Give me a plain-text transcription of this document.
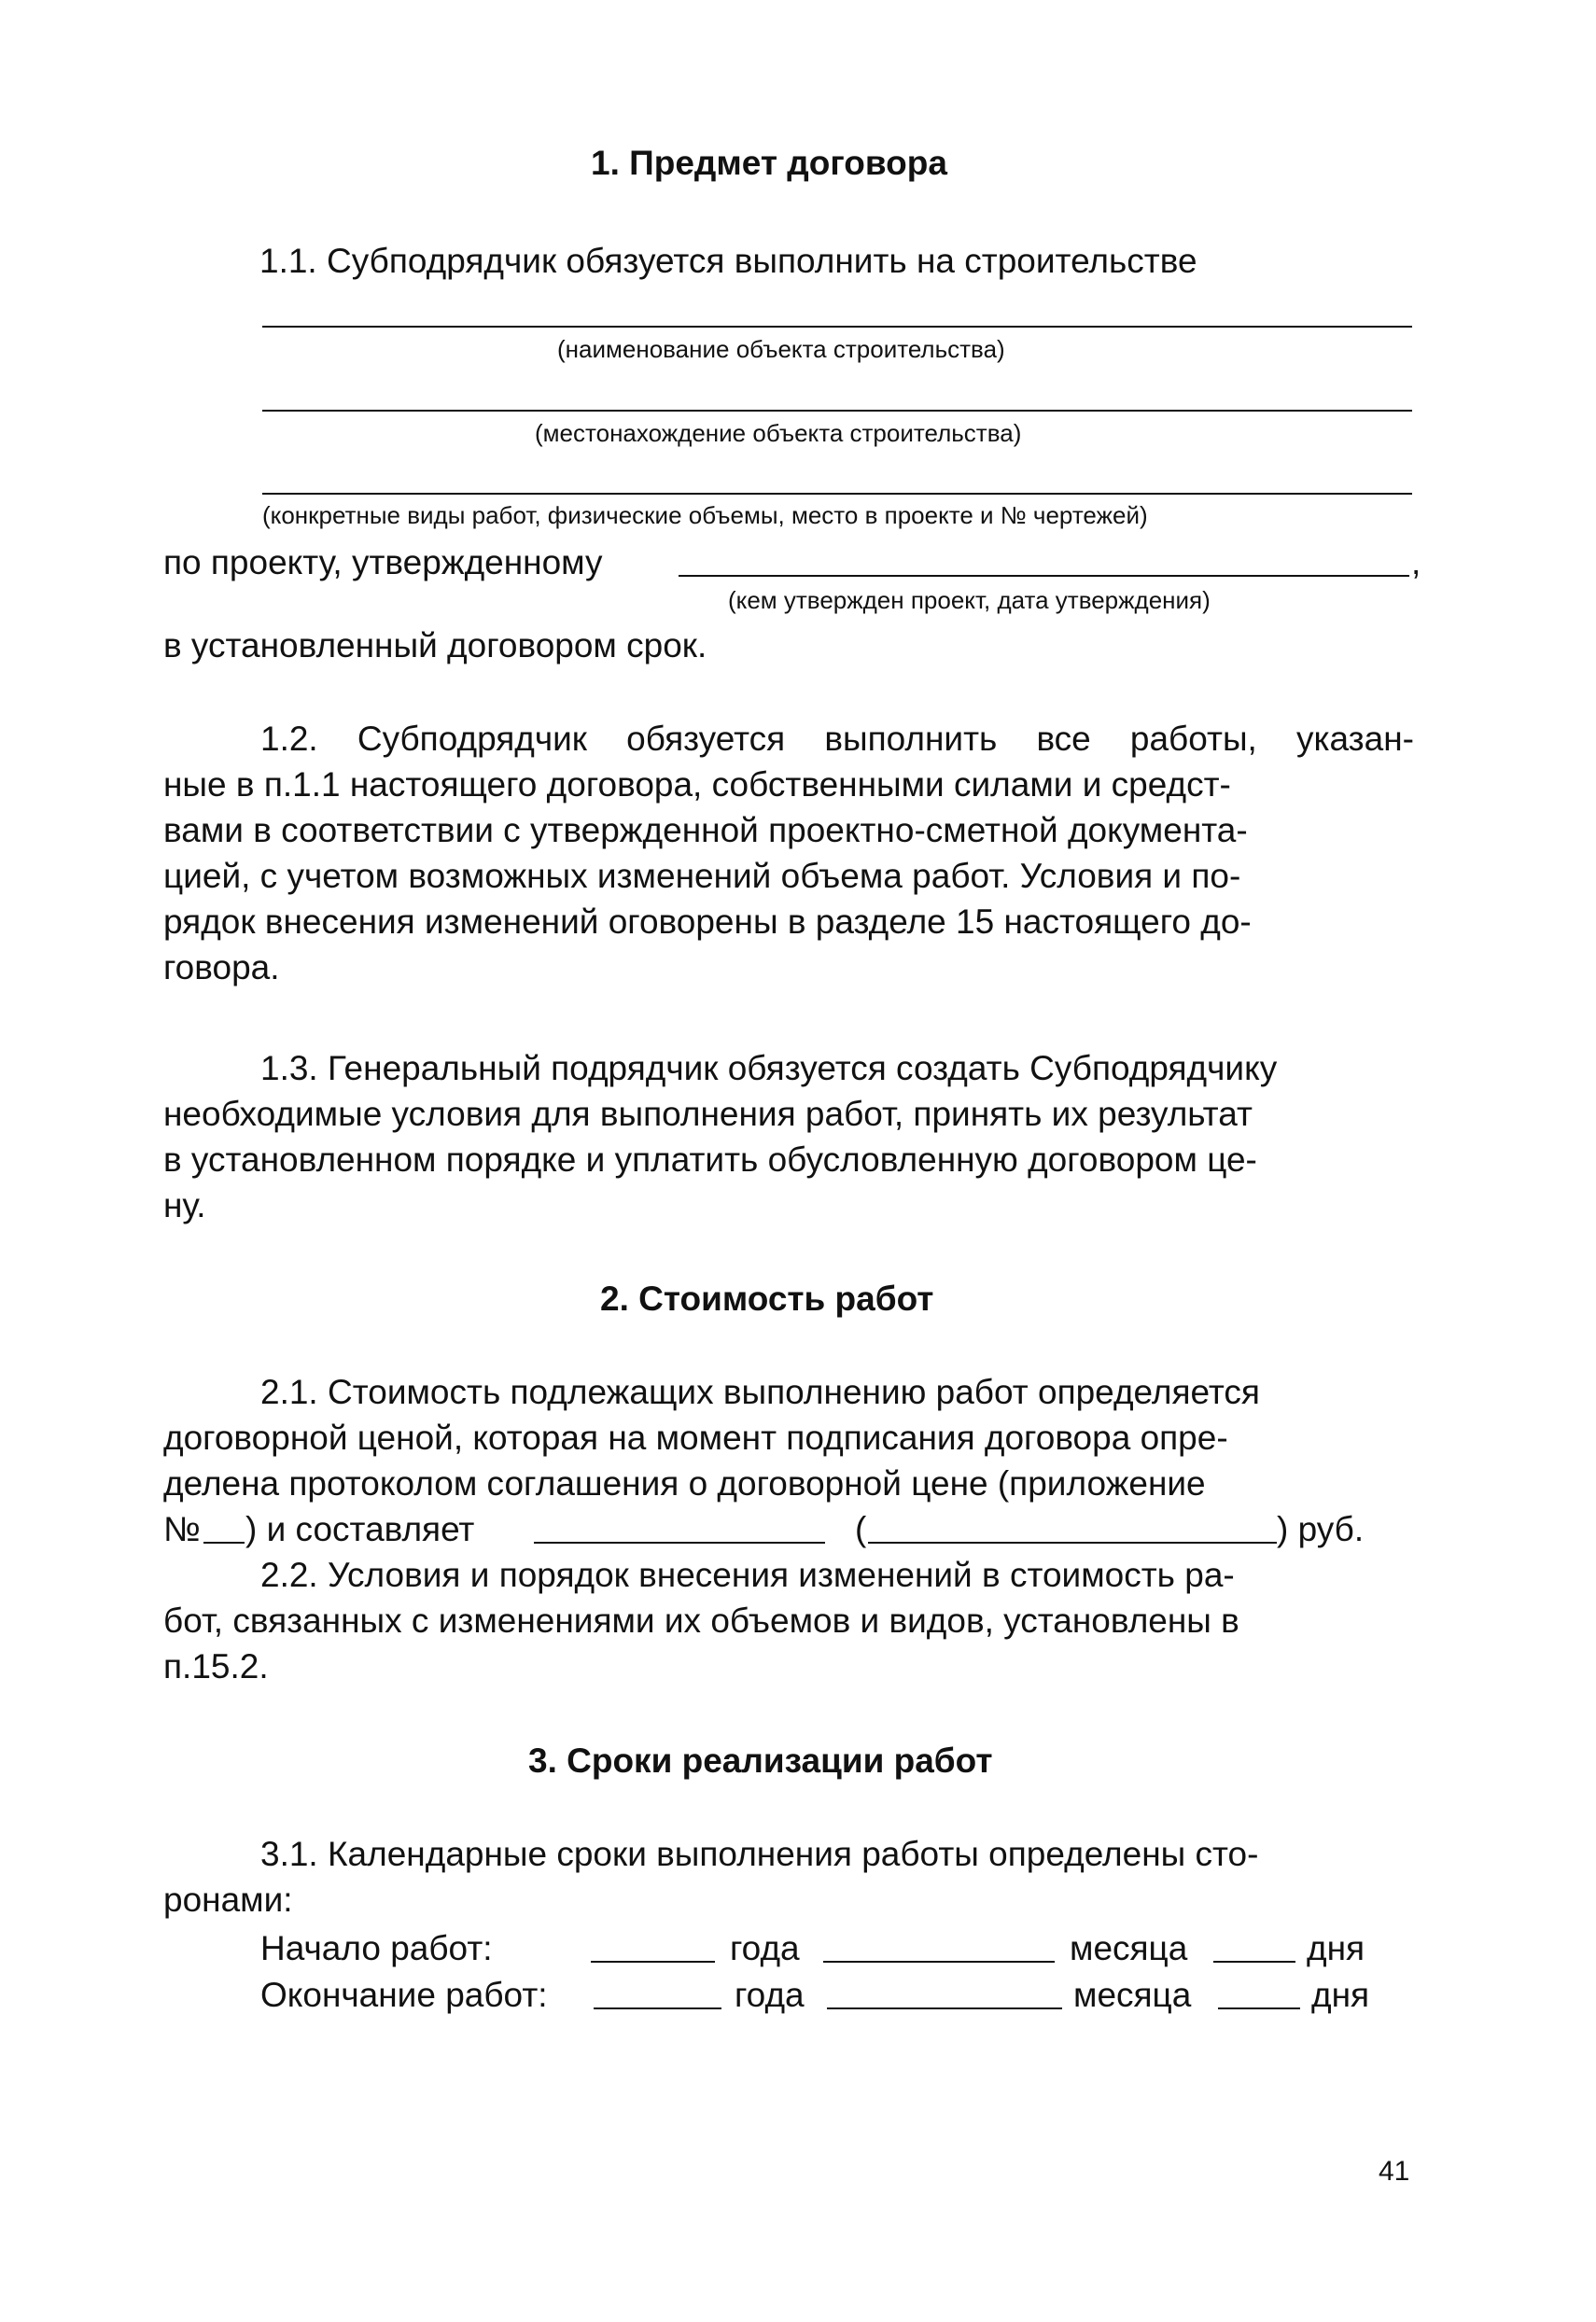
1. Предмет договора
1.1. Субподрядчик обязуется выполнить на строительстве
(наименование объекта строительства)
(местонахождение объекта строительства)
(конкретные виды работ, физические объемы, место в проекте и № чертежей)
по проекту, утвержденному	,
(кем утвержден проект, дата утверждения)
в установленный договором срок.
1.2. Субподрядчик обязуется выполнить все работы, указан-
ные в п.1.1 настоящего договора, собственными силами и средст-
вами в соответствии с утвержденной проектно-сметной документа-
цией, с учетом возможных изменений объема работ. Условия и по-
рядок внесения изменений оговорены в разделе 15 настоящего до-
говора.
1.3. Генеральный подрядчик обязуется создать Субподрядчику
необходимые условия для выполнения работ, принять их результат
в установленном порядке и уплатить обусловленную договором це-
ну.
2. Стоимость работ
2.1. Стоимость подлежащих выполнению работ определяется
договорной ценой, которая на момент подписания договора опре-
делена протоколом соглашения о договорной цене (приложение
№ ) и составляет	(	) руб.
2.2. Условия и порядок внесения изменений в стоимость ра-
бот, связанных с изменениями их объемов и видов, установлены в
п.15.2.
3. Сроки реализации работ
3.1. Календарные сроки выполнения работы определены сто-
ронами:
Начало работ:	года	месяца	дня
Окончание работ:	года	месяца	дня
41
